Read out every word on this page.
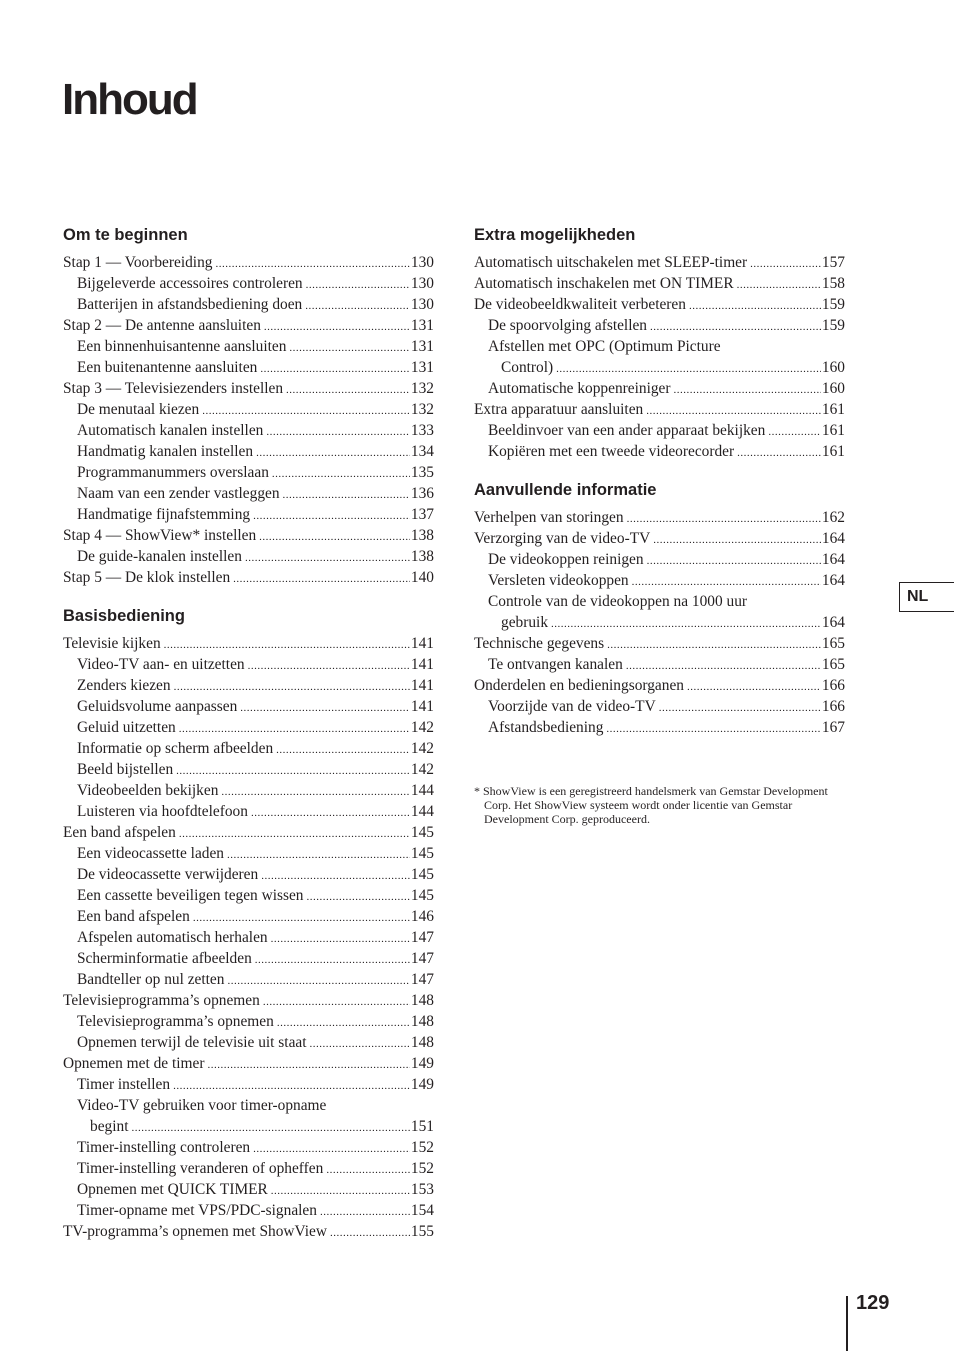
Inhoud
Om te beginnen
Stap 1 — Voorbereiding .....	130
Bijgeleverde accessoires controleren .....	130
Batterijen in afstandsbediening doen .....	130
Stap 2 — De antenne aansluiten .....	131
Een binnenhuisantenne aansluiten .....	131
Een buitenantenne aansluiten .....	131
Stap 3 — Televisiezenders instellen .....	132
De menutaal kiezen .....	132
Automatisch kanalen instellen .....	133
Handmatig kanalen instellen .....	134
Programmanummers overslaan .....	135
Naam van een zender vastleggen .....	136
Handmatige fijnafstemming .....	137
Stap 4 — ShowView* instellen .....	138
De guide-kanalen instellen .....	138
Stap 5 — De klok instellen .....	140
Basisbediening
Televisie kijken .....	141
Video-TV aan- en uitzetten .....	141
Zenders kiezen .....	141
Geluidsvolume aanpassen .....	141
Geluid uitzetten .....	142
Informatie op scherm afbeelden .....	142
Beeld bijstellen .....	142
Videobeelden bekijken .....	144
Luisteren via hoofdtelefoon .....	144
Een band afspelen .....	145
Een videocassette laden .....	145
De videocassette verwijderen .....	145
Een cassette beveiligen tegen wissen .....	145
Een band afspelen .....	146
Afspelen automatisch herhalen .....	147
Scherminformatie afbeelden .....	147
Bandteller op nul zetten .....	147
Televisieprogramma’s opnemen .....	148
Televisieprogramma’s opnemen .....	148
Opnemen terwijl de televisie uit staat .....	148
Opnemen met de timer .....	149
Timer instellen .....	149
Video-TV gebruiken voor timer-opname
begint .....	151
Timer-instelling controleren .....	152
Timer-instelling veranderen of opheffen .....	152
Opnemen met QUICK TIMER .....	153
Timer-opname met VPS/PDC-signalen .....	154
TV-programma’s opnemen met ShowView .....	155
Extra mogelijkheden
Automatisch uitschakelen met SLEEP-timer .....	157
Automatisch inschakelen met ON TIMER .....	158
De videobeeldkwaliteit verbeteren .....	159
De spoorvolging afstellen .....	159
Afstellen met OPC (Optimum Picture
Control) .....	160
Automatische koppenreiniger .....	160
Extra apparatuur aansluiten .....	161
Beeldinvoer van een ander apparaat bekijken .....	161
Kopiëren met een tweede videorecorder .....	161
Aanvullende informatie
Verhelpen van storingen .....	162
Verzorging van de video-TV .....	164
De videokoppen reinigen .....	164
Versleten videokoppen .....	164
Controle van de videokoppen na 1000 uur
gebruik .....	164
Technische gegevens .....	165
Te ontvangen kanalen .....	165
Onderdelen en bedieningsorganen .....	166
Voorzijde van de video-TV .....	166
Afstandsbediening .....	167

* ShowView is een geregistreerd handelsmerk van Gemstar Development Corp. Het ShowView systeem wordt onder licentie van Gemstar Development Corp. geproduceerd.

NL
129
